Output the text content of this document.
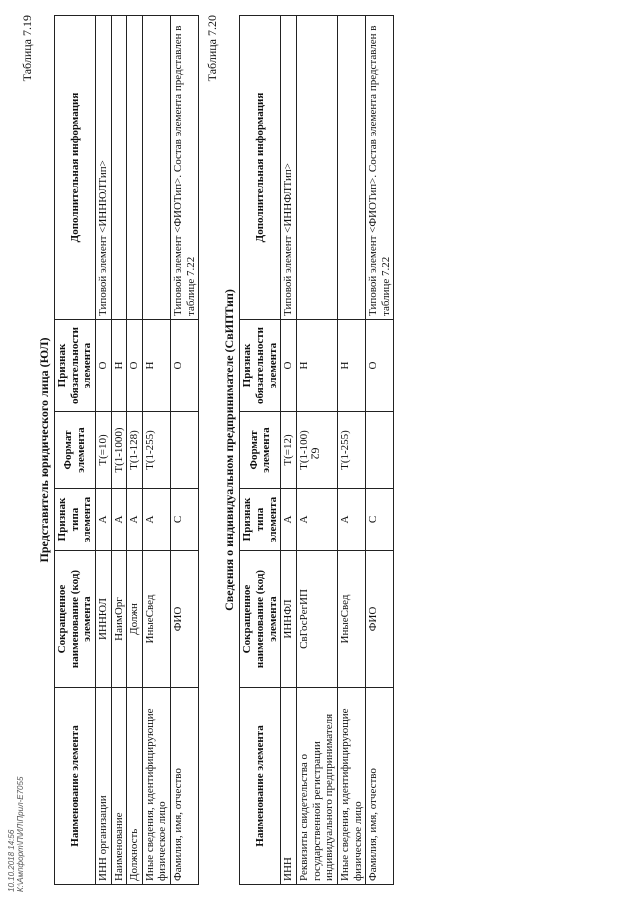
62
Таблица 7.19
Представитель юридического лица (ЮЛ)
Наименование элемента	Сокращенное наименование (код) элемента	Признак типа элемента	Формат элемента	Признак обязательности элемента	Дополнительная информация
ИНН организации	ИННЮЛ	А	T(=10)	О	Типовой элемент <ИННЮЛТип>
Наименование	НаимОрг	А	T(1-1000)	Н	
Должность	Должн	А	T(1-128)	О	
Иные сведения, идентифицирующие физическое лицо	ИныеСвед	А	T(1-255)	Н	
Фамилия, имя, отчество	ФИО	С		О	Типовой элемент <ФИОТип>. Состав элемента представлен в таблице 7.22
Таблица 7.20
Сведения о индивидуальном предпринимателе (СвИПТип)
Наименование элемента	Сокращенное наименование (код) элемента	Признак типа элемента	Формат элемента	Признак обязательности элемента	Дополнительная информация
ИНН	ИННФЛ	А	T(=12)	О	Типовой элемент <ИННФЛТип>
Реквизиты свидетельства о государственной регистрации индивидуального предпринимателя	СвГосРегИП	А	T(1-100)	Н	
Иные сведения, идентифицирующие физическое лицо	ИныеСвед	А	T(1-255)	Н	
Фамилия, имя, отчество	ФИО	С		О	Типовой элемент <ФИОТип>. Состав элемента представлен в таблице 7.22
10.10.2018 14:56 К:\Ампфорт\П\ИЛ\Прил-E7055
